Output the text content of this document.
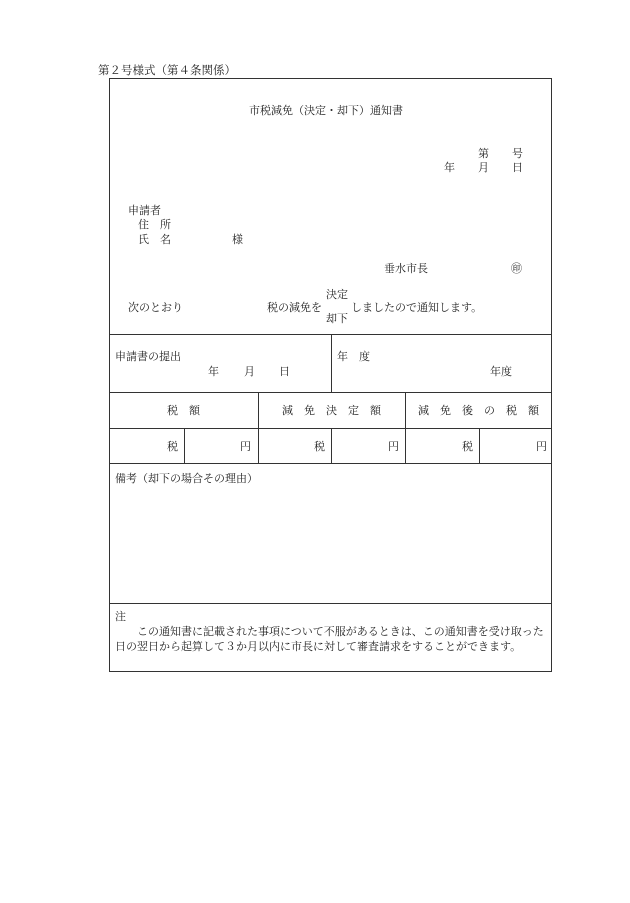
第２号様式（第４条関係）
市税減免（決定・却下）通知書
第 号
年 月 日
申請者
住　所
氏　名	様
垂水市長	㊞
次のとおり	税の減免を
決定
却下
しましたので通知します。
申請書の提出
年 月 日
年　度
年度
税　額	減　免　決　定　額	減　免　後　の　税　額
税	円	税	円	税	円
備考（却下の場合その理由）
注
この通知書に記載された事項について不服があるときは、この通知書を受け取った日の翌日から起算して３か月以内に市長に対して審査請求をすることができます。
